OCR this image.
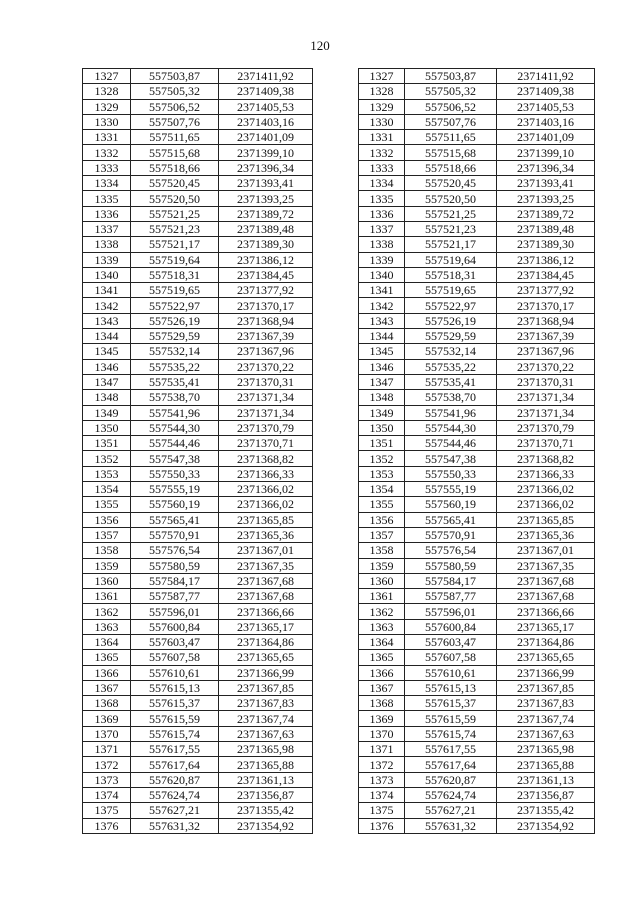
120
1327	557503,87	2371411,92
1328	557505,32	2371409,38
1329	557506,52	2371405,53
1330	557507,76	2371403,16
1331	557511,65	2371401,09
1332	557515,68	2371399,10
1333	557518,66	2371396,34
1334	557520,45	2371393,41
1335	557520,50	2371393,25
1336	557521,25	2371389,72
1337	557521,23	2371389,48
1338	557521,17	2371389,30
1339	557519,64	2371386,12
1340	557518,31	2371384,45
1341	557519,65	2371377,92
1342	557522,97	2371370,17
1343	557526,19	2371368,94
1344	557529,59	2371367,39
1345	557532,14	2371367,96
1346	557535,22	2371370,22
1347	557535,41	2371370,31
1348	557538,70	2371371,34
1349	557541,96	2371371,34
1350	557544,30	2371370,79
1351	557544,46	2371370,71
1352	557547,38	2371368,82
1353	557550,33	2371366,33
1354	557555,19	2371366,02
1355	557560,19	2371366,02
1356	557565,41	2371365,85
1357	557570,91	2371365,36
1358	557576,54	2371367,01
1359	557580,59	2371367,35
1360	557584,17	2371367,68
1361	557587,77	2371367,68
1362	557596,01	2371366,66
1363	557600,84	2371365,17
1364	557603,47	2371364,86
1365	557607,58	2371365,65
1366	557610,61	2371366,99
1367	557615,13	2371367,85
1368	557615,37	2371367,83
1369	557615,59	2371367,74
1370	557615,74	2371367,63
1371	557617,55	2371365,98
1372	557617,64	2371365,88
1373	557620,87	2371361,13
1374	557624,74	2371356,87
1375	557627,21	2371355,42
1376	557631,32	2371354,92
1327	557503,87	2371411,92
1328	557505,32	2371409,38
1329	557506,52	2371405,53
1330	557507,76	2371403,16
1331	557511,65	2371401,09
1332	557515,68	2371399,10
1333	557518,66	2371396,34
1334	557520,45	2371393,41
1335	557520,50	2371393,25
1336	557521,25	2371389,72
1337	557521,23	2371389,48
1338	557521,17	2371389,30
1339	557519,64	2371386,12
1340	557518,31	2371384,45
1341	557519,65	2371377,92
1342	557522,97	2371370,17
1343	557526,19	2371368,94
1344	557529,59	2371367,39
1345	557532,14	2371367,96
1346	557535,22	2371370,22
1347	557535,41	2371370,31
1348	557538,70	2371371,34
1349	557541,96	2371371,34
1350	557544,30	2371370,79
1351	557544,46	2371370,71
1352	557547,38	2371368,82
1353	557550,33	2371366,33
1354	557555,19	2371366,02
1355	557560,19	2371366,02
1356	557565,41	2371365,85
1357	557570,91	2371365,36
1358	557576,54	2371367,01
1359	557580,59	2371367,35
1360	557584,17	2371367,68
1361	557587,77	2371367,68
1362	557596,01	2371366,66
1363	557600,84	2371365,17
1364	557603,47	2371364,86
1365	557607,58	2371365,65
1366	557610,61	2371366,99
1367	557615,13	2371367,85
1368	557615,37	2371367,83
1369	557615,59	2371367,74
1370	557615,74	2371367,63
1371	557617,55	2371365,98
1372	557617,64	2371365,88
1373	557620,87	2371361,13
1374	557624,74	2371356,87
1375	557627,21	2371355,42
1376	557631,32	2371354,92
